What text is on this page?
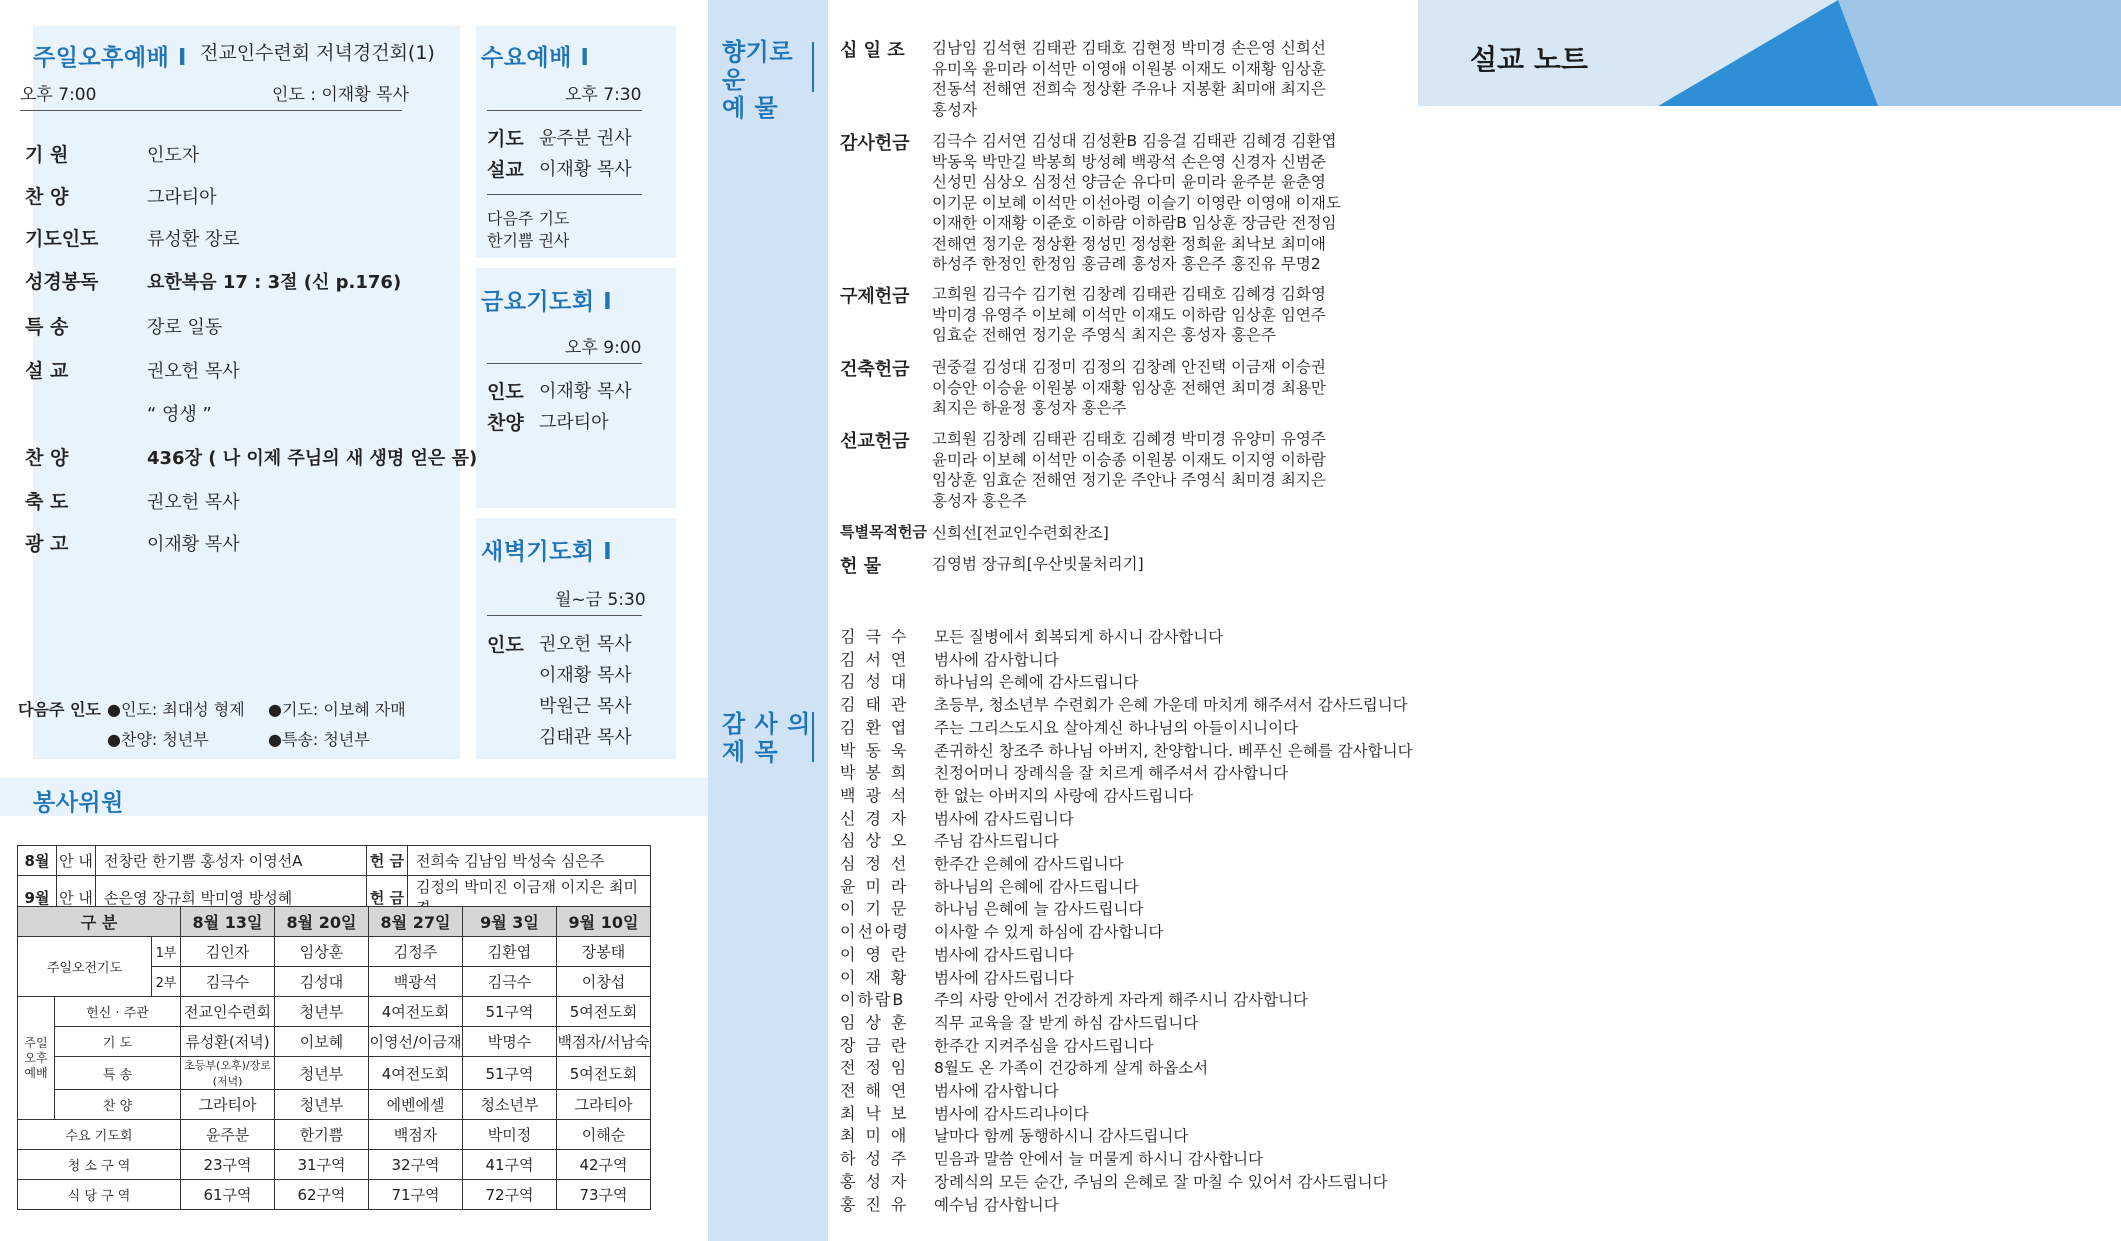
주일오후예배 I 전교인수련회 저녁경건회(1)
오후 7:00	인도 : 이재황 목사
기 원	인도자
찬 양	그라티아
기도인도	류성환 장로
성경봉독	요한복음 17 : 3절 (신 p.176)
특 송	장로 일동
설 교	권오헌 목사
“ 영생 ”
찬 양	436장 ( 나 이제 주님의 새 생명 얻은 몸)
축 도	권오헌 목사
광 고	이재황 목사
다음주 인도 ●인도: 최대성 형제 ●기도: 이보혜 자매
●찬양: 청년부	●특송: 청년부
수요예배 I
오후 7:30
기도 윤주분 권사
설교 이재황 목사
다음주 기도
한기쁨 권사
금요기도회 I
오후 9:00
인도 이재황 목사
찬양 그라티아
새벽기도회 I
월~금 5:30
인도 권오헌 목사
이재황 목사
박원근 목사
김태관 목사
봉사위원
8월	안 내	전창란 한기쁨 홍성자 이영선A	헌 금	전희숙 김남임 박성숙 심은주
9월	안 내	손은영 장규희 박미영 방성혜	헌 금	김정의 박미진 이금재 이지은 최미
구 분			8월 13일	8월 20일	8월 27일	9월 3일	9월 10일
주일오전기도		1부	김인자	임상훈	김정주	김환엽	장봉태
		2부	김극수	김성대	백광석	김극수	이창섭
주일 오후 예배	헌신 · 주관		전교인수련회	청년부	4여전도회	51구역	5여전도회
	기 도		류성환(저녁)	이보혜	이영선/이금재	박명수	백점자/서남숙
	특 송		초등부(오후)/장로(저녁)	청년부	4여전도회	51구역	5여전도회
	찬 양		그라티아	청년부	에벤에셀	청소년부	그라티아
수요 기도회			윤주분	한기쁨	백점자	박미정	이해순
청 소 구 역			23구역	31구역	32구역	41구역	42구역
식 당 구 역			61구역	62구역	71구역	72구역	73구역
향기로운
예 물
감 사 의
제 목
십 일 조 김남임 김석현 김태관 김태호 김현정 박미경 손은영 신희선 유미옥 윤미라 이석만 이영애 이원봉 이재도 이재황 임상훈 전동석 전해연 전희숙 정상환 주유나 지봉환 최미애 최지은 홍성자
감사헌금 김극수 김서연 김성대 김성환B 김응걸 김태관 김혜경 김환엽 박동욱 박만길 박봉희 방성혜 백광석 손은영 신경자 신범준 신성민 심상오 심정선 양금순 유다미 윤미라 윤주분 윤춘영 이기문 이보혜 이석만 이선아령 이슬기 이영란 이영애 이재도 이재한 이재황 이준호 이하람 이하람B 임상훈 장금란 전정임 전해연 정기운 정상환 정성민 정성환 정희윤 최낙보 최미애 하성주 한정인 한정임 홍금례 홍성자 홍은주 홍진유 무명2
구제헌금 고희원 김극수 김기현 김창례 김태관 김태호 김혜경 김화영 박미경 유영주 이보혜 이석만 이재도 이하람 임상훈 임연주 임효순 전해연 정기운 주영식 최지은 홍성자 홍은주
건축헌금 권중걸 김성대 김정미 김정의 김창례 안진택 이금재 이승권 이승안 이승윤 이원봉 이재황 임상훈 전해연 최미경 최용만 최지은 하윤정 홍성자 홍은주
선교헌금 고희원 김창례 김태관 김태호 김혜경 박미경 유양미 유영주 윤미라 이보혜 이석만 이승종 이원봉 이재도 이지영 이하람 임상훈 임효순 전해연 정기운 주안나 주영식 최미경 최지은 홍성자 홍은주
특별목적헌금 신희선[전교인수련회찬조]
헌 물	김영범 장규희[우산빗물처리기]
김극수 모든 질병에서 회복되게 하시니 감사합니다
김서연 범사에 감사합니다
김성대 하나님의 은혜에 감사드립니다
김태관 초등부, 청소년부 수련회가 은혜 가운데 마치게 해주셔서 감사드립니다
김환엽 주는 그리스도시요 살아계신 하나님의 아들이시니이다
박동욱 존귀하신 창조주 하나님 아버지, 찬양합니다. 베푸신 은혜를 감사합니다
박봉희 친정어머니 장례식을 잘 치르게 해주셔서 감사합니다
백광석 한 없는 아버지의 사랑에 감사드립니다
신경자 범사에 감사드립니다
심상오 주님 감사드립니다
심정선 한주간 은혜에 감사드립니다
윤미라 하나님의 은혜에 감사드립니다
이기문 하나님 은혜에 늘 감사드립니다
이선아령 이사할 수 있게 하심에 감사합니다
이영란 범사에 감사드립니다
이재황 범사에 감사드립니다
이하람B 주의 사랑 안에서 건강하게 자라게 해주시니 감사합니다
임상훈 직무 교육을 잘 받게 하심 감사드립니다
장금란 한주간 지켜주심을 감사드립니다
전정임 8월도 온 가족이 건강하게 살게 하옵소서
전해연 범사에 감사합니다
최낙보 범사에 감사드리나이다
최미애 날마다 함께 동행하시니 감사드립니다
하성주 믿음과 말씀 안에서 늘 머물게 하시니 감사합니다
홍성자 장례식의 모든 순간, 주님의 은혜로 잘 마칠 수 있어서 감사드립니다
홍진유 예수님 감사합니다
설교 노트
